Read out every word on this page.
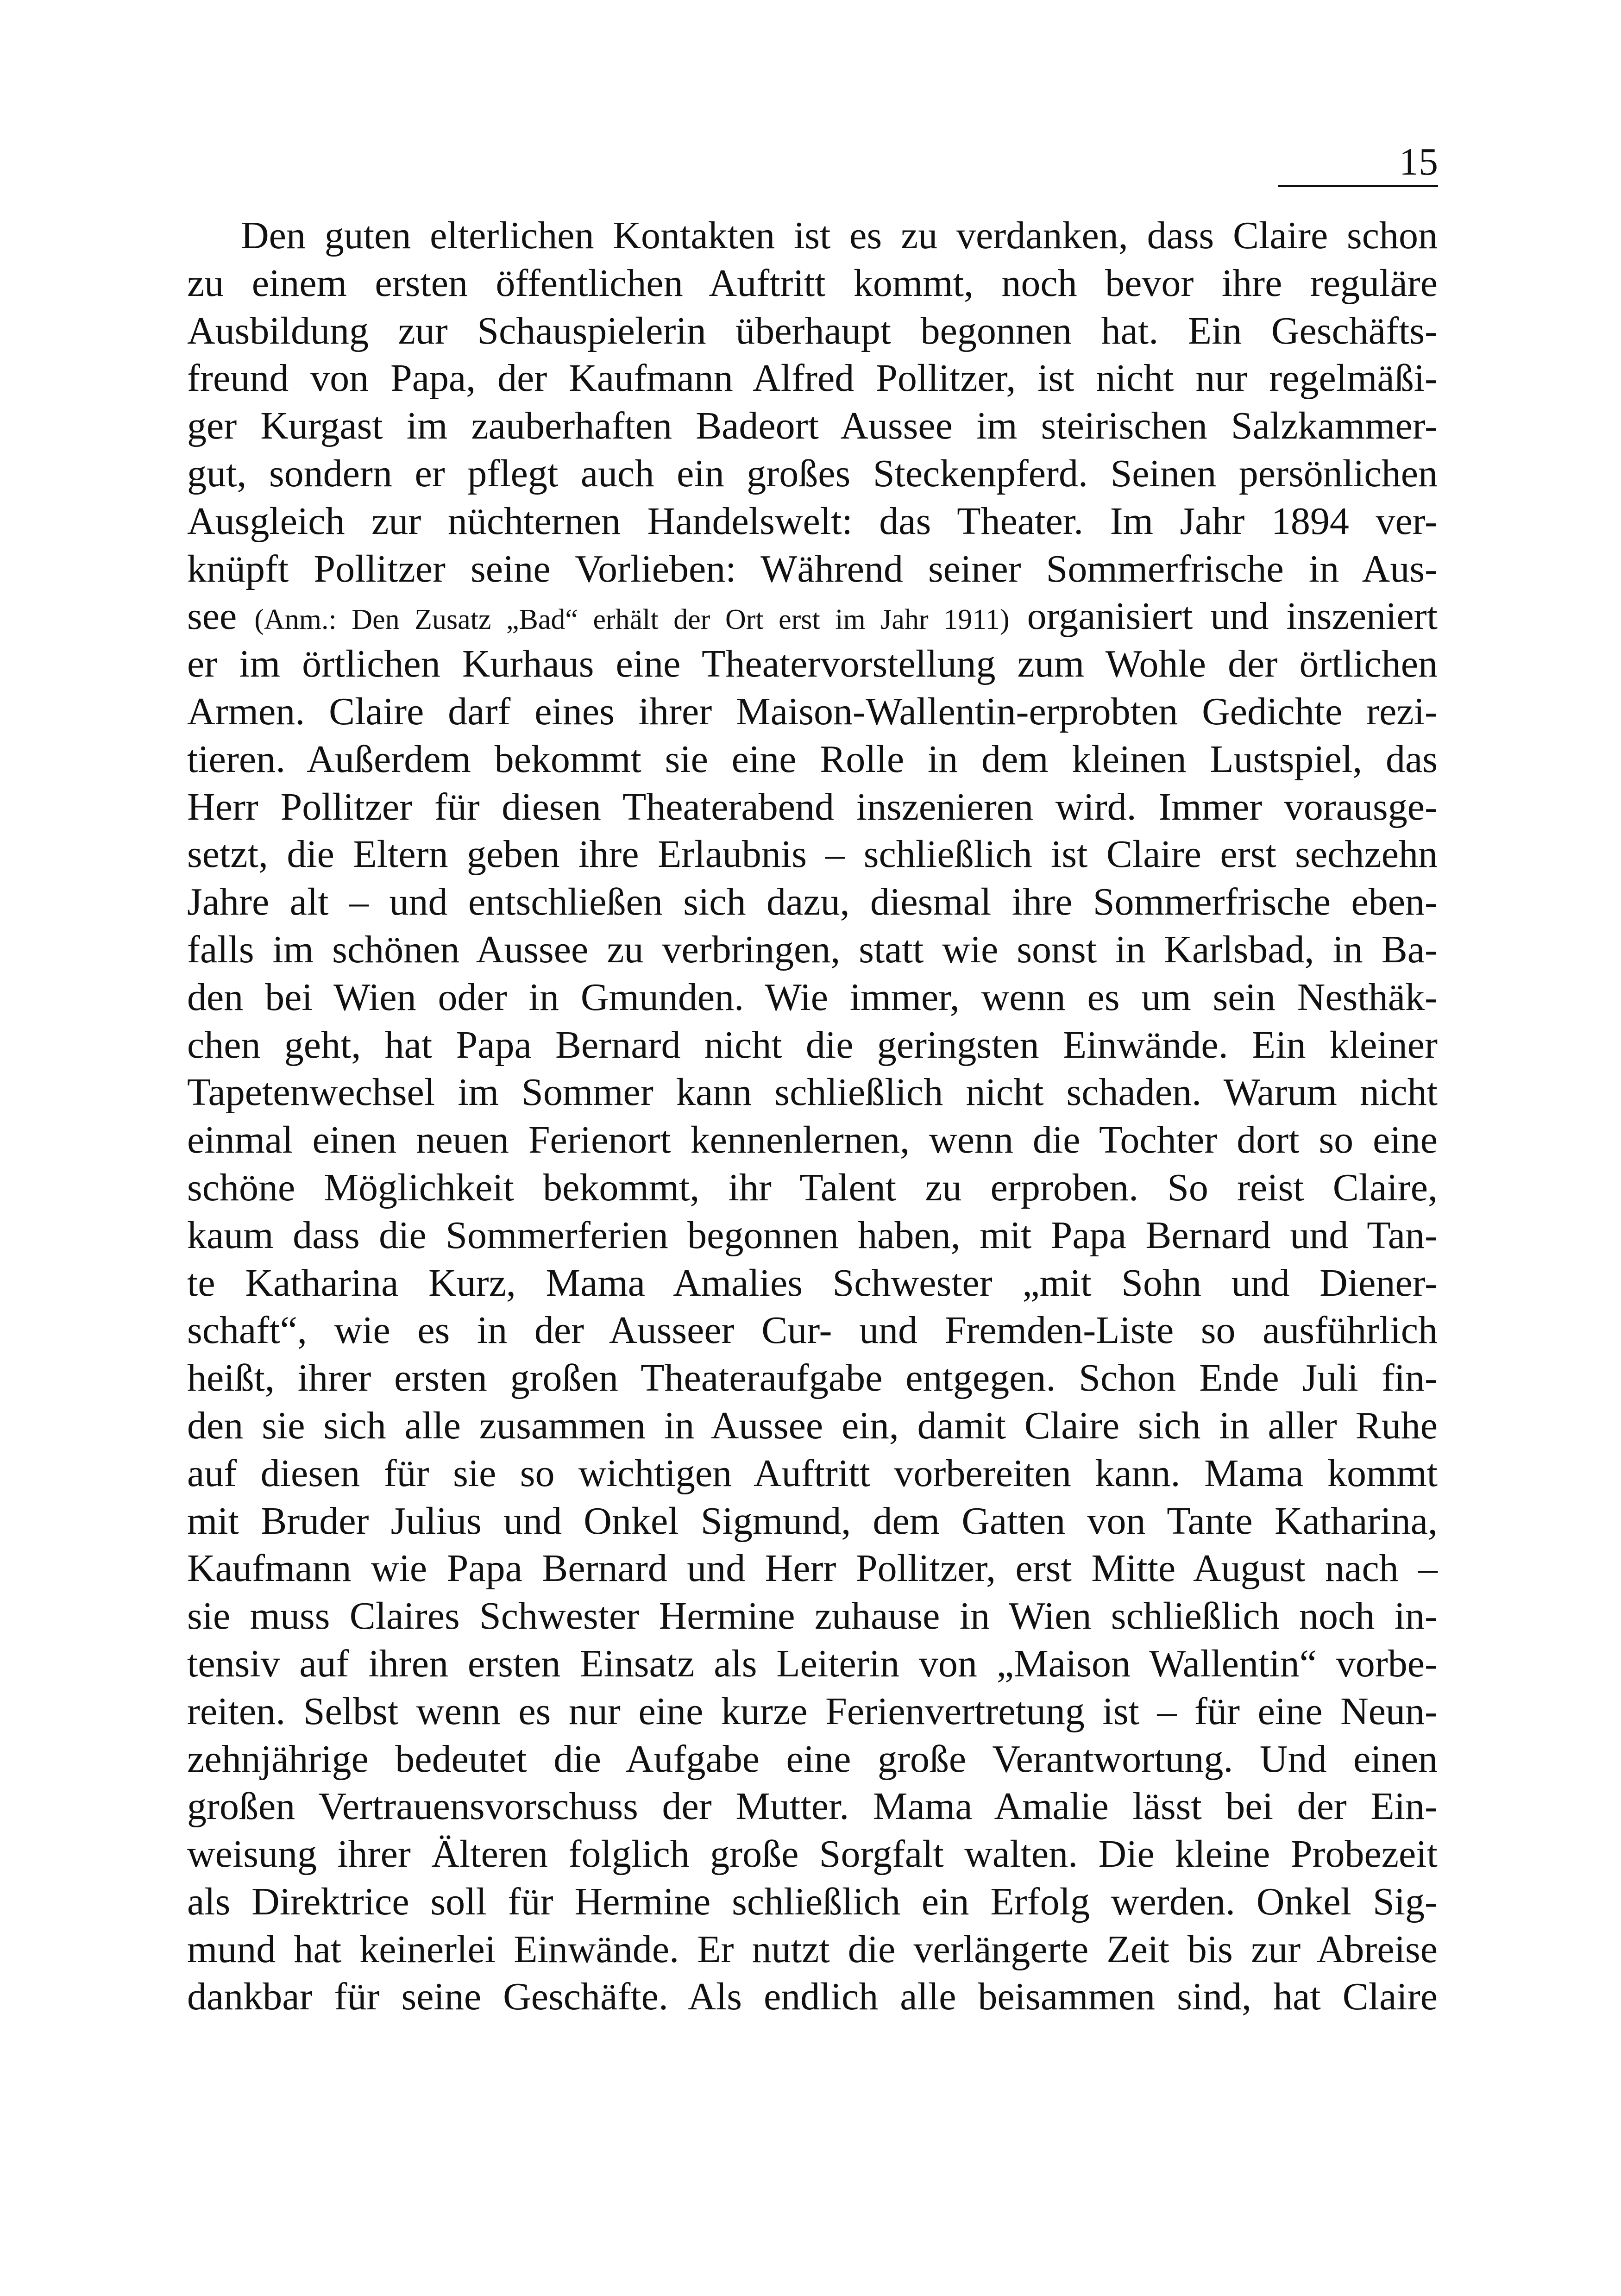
15
Den guten elterlichen Kontakten ist es zu verdanken, dass Claire schon
zu einem ersten öffentlichen Auftritt kommt, noch bevor ihre reguläre
Ausbildung zur Schauspielerin überhaupt begonnen hat. Ein Geschäfts-
freund von Papa, der Kaufmann Alfred Pollitzer, ist nicht nur regelmäßi-
ger Kurgast im zauberhaften Badeort Aussee im steirischen Salzkammer-
gut, sondern er pflegt auch ein großes Steckenpferd. Seinen persönlichen
Ausgleich zur nüchternen Handelswelt: das Theater. Im Jahr 1894 ver-
knüpft Pollitzer seine Vorlieben: Während seiner Sommerfrische in Aus-
see (Anm.: Den Zusatz „Bad“ erhält der Ort erst im Jahr 1911) organisiert und inszeniert
er im örtlichen Kurhaus eine Theatervorstellung zum Wohle der örtlichen
Armen. Claire darf eines ihrer Maison-Wallentin-erprobten Gedichte rezi-
tieren. Außerdem bekommt sie eine Rolle in dem kleinen Lustspiel, das
Herr Pollitzer für diesen Theaterabend inszenieren wird. Immer vorausge-
setzt, die Eltern geben ihre Erlaubnis – schließlich ist Claire erst sechzehn
Jahre alt – und entschließen sich dazu, diesmal ihre Sommerfrische eben-
falls im schönen Aussee zu verbringen, statt wie sonst in Karlsbad, in Ba-
den bei Wien oder in Gmunden. Wie immer, wenn es um sein Nesthäk-
chen geht, hat Papa Bernard nicht die geringsten Einwände. Ein kleiner
Tapetenwechsel im Sommer kann schließlich nicht schaden. Warum nicht
einmal einen neuen Ferienort kennenlernen, wenn die Tochter dort so eine
schöne Möglichkeit bekommt, ihr Talent zu erproben. So reist Claire,
kaum dass die Sommerferien begonnen haben, mit Papa Bernard und Tan-
te Katharina Kurz, Mama Amalies Schwester „mit Sohn und Diener-
schaft“, wie es in der Ausseer Cur- und Fremden-Liste so ausführlich
heißt, ihrer ersten großen Theateraufgabe entgegen. Schon Ende Juli fin-
den sie sich alle zusammen in Aussee ein, damit Claire sich in aller Ruhe
auf diesen für sie so wichtigen Auftritt vorbereiten kann. Mama kommt
mit Bruder Julius und Onkel Sigmund, dem Gatten von Tante Katharina,
Kaufmann wie Papa Bernard und Herr Pollitzer, erst Mitte August nach –
sie muss Claires Schwester Hermine zuhause in Wien schließlich noch in-
tensiv auf ihren ersten Einsatz als Leiterin von „Maison Wallentin“ vorbe-
reiten. Selbst wenn es nur eine kurze Ferienvertretung ist – für eine Neun-
zehnjährige bedeutet die Aufgabe eine große Verantwortung. Und einen
großen Vertrauensvorschuss der Mutter. Mama Amalie lässt bei der Ein-
weisung ihrer Älteren folglich große Sorgfalt walten. Die kleine Probezeit
als Direktrice soll für Hermine schließlich ein Erfolg werden. Onkel Sig-
mund hat keinerlei Einwände. Er nutzt die verlängerte Zeit bis zur Abreise
dankbar für seine Geschäfte. Als endlich alle beisammen sind, hat Claire
